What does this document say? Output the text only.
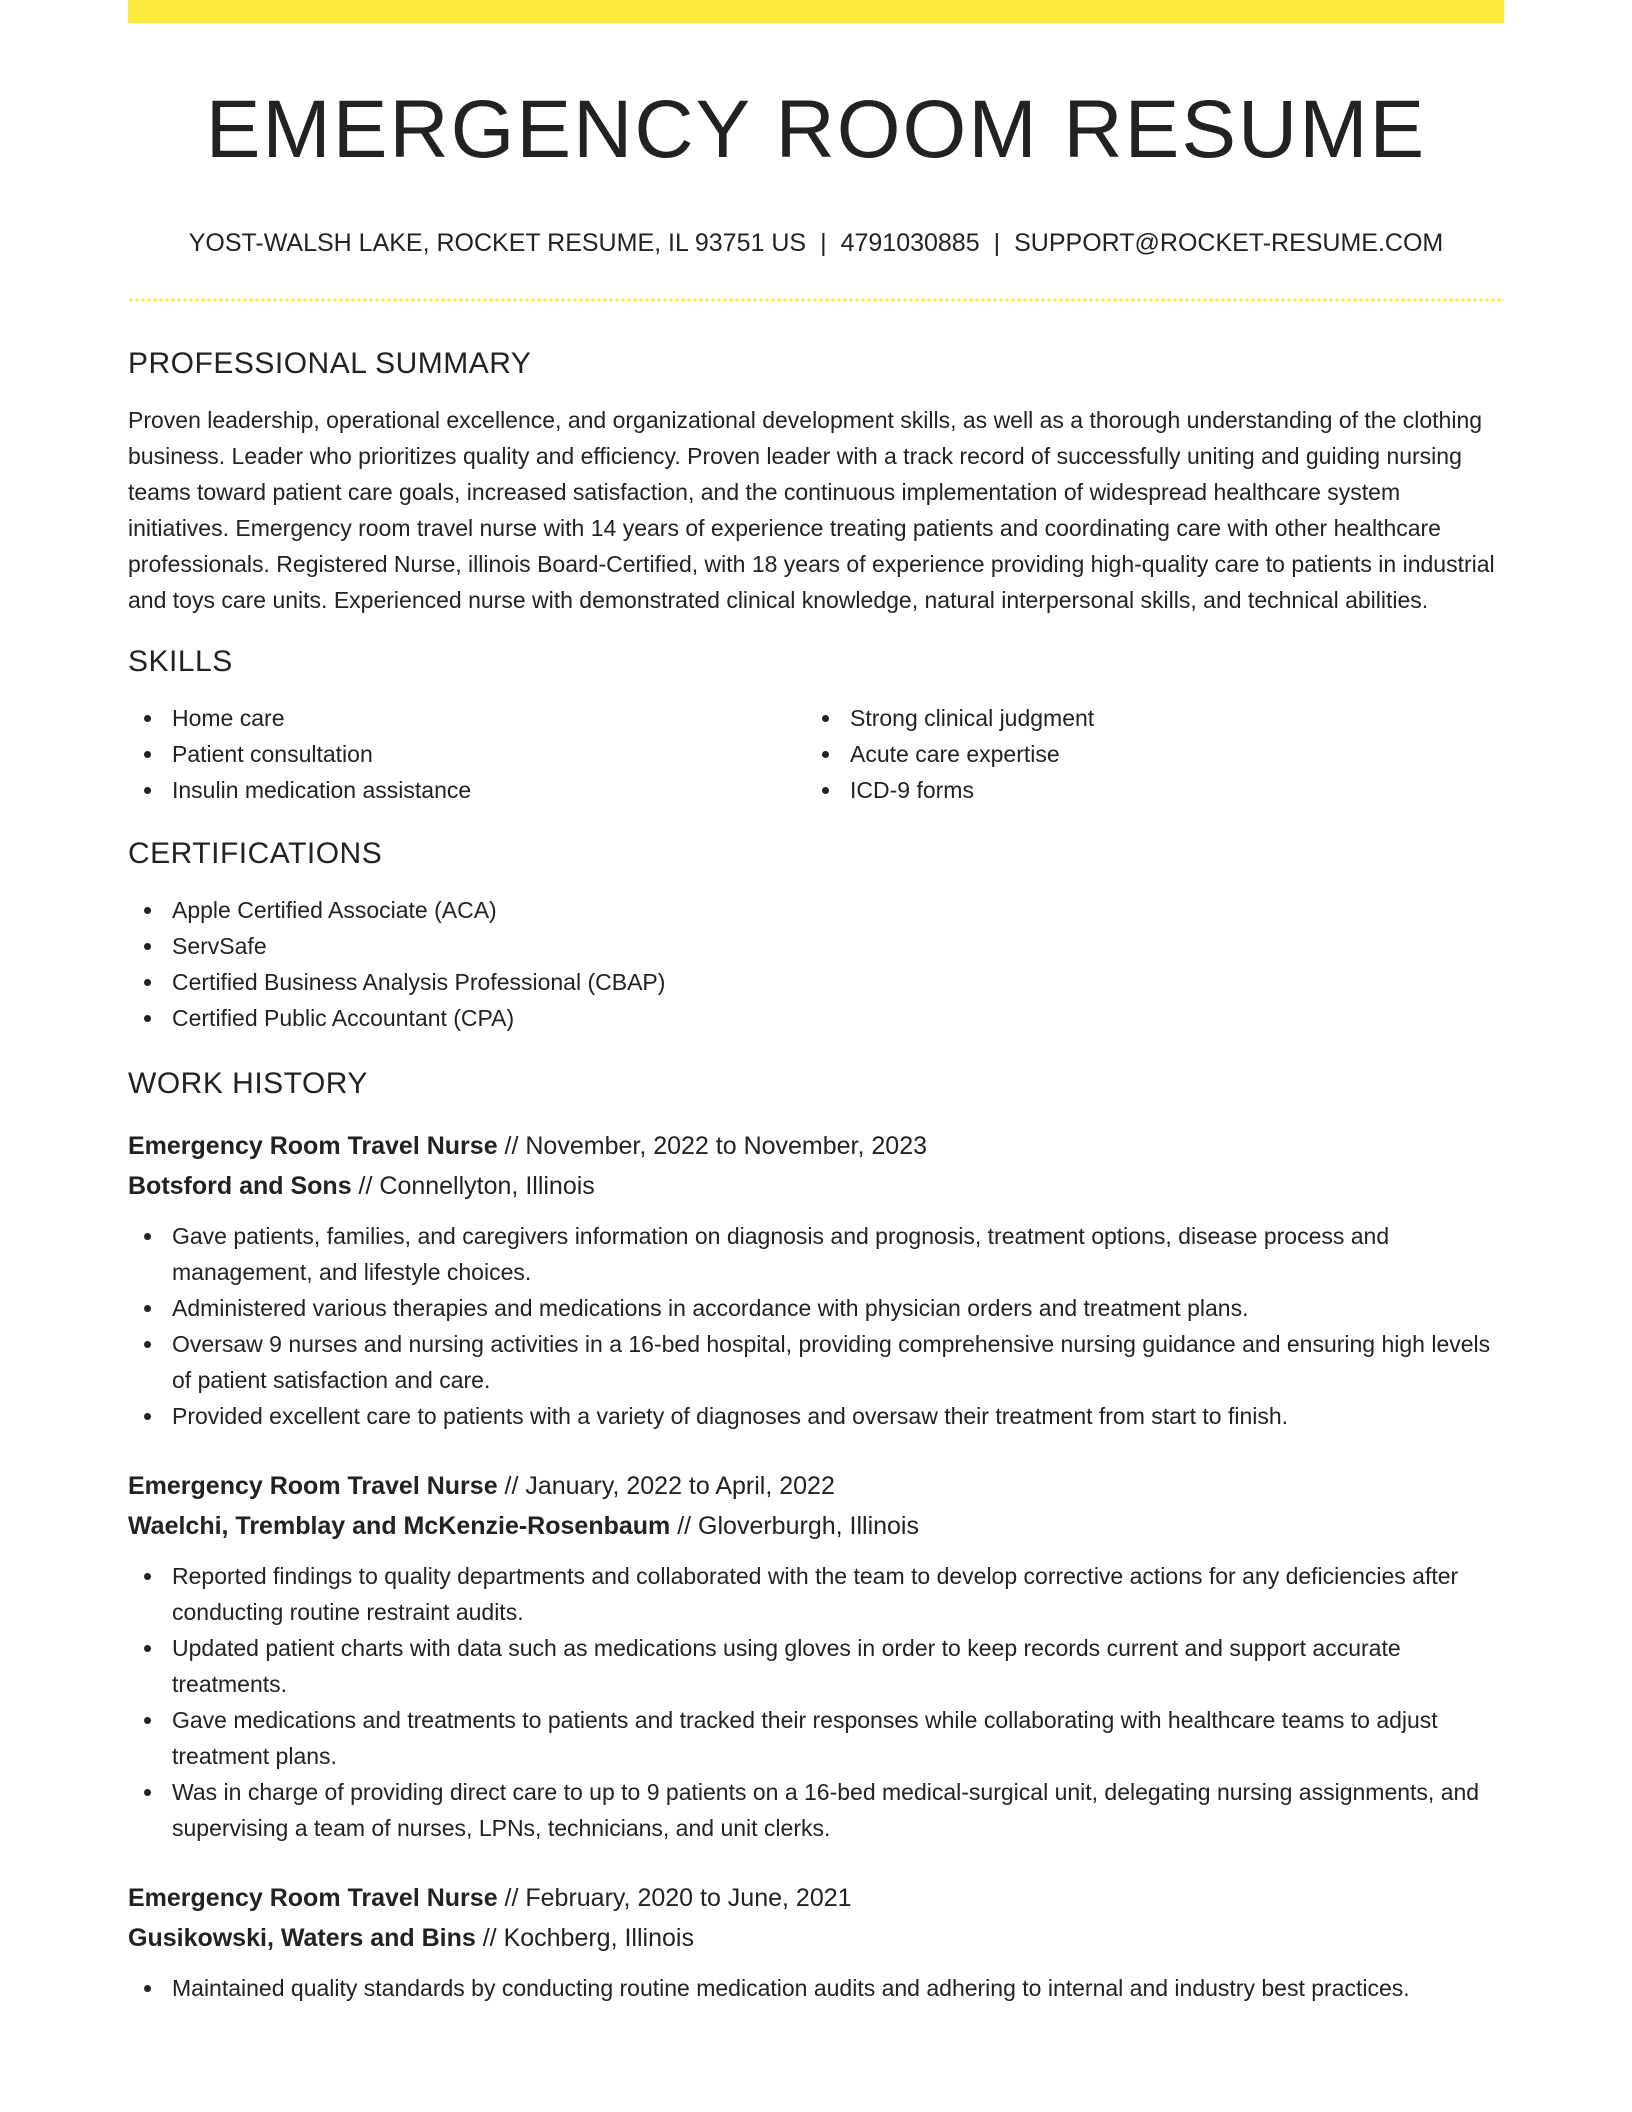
EMERGENCY ROOM RESUME
YOST-WALSH LAKE, ROCKET RESUME, IL 93751 US | 4791030885 | SUPPORT@ROCKET-RESUME.COM
PROFESSIONAL SUMMARY

Proven leadership, operational excellence, and organizational development skills, as well as a thorough understanding of the clothing business. Leader who prioritizes quality and efficiency. Proven leader with a track record of successfully uniting and guiding nursing teams toward patient care goals, increased satisfaction, and the continuous implementation of widespread healthcare system initiatives. Emergency room travel nurse with 14 years of experience treating patients and coordinating care with other healthcare professionals. Registered Nurse, illinois Board-Certified, with 18 years of experience providing high-quality care to patients in industrial and toys care units. Experienced nurse with demonstrated clinical knowledge, natural interpersonal skills, and technical abilities.

SKILLS
Home care
Patient consultation
Insulin medication assistance
Strong clinical judgment
Acute care expertise
ICD-9 forms
CERTIFICATIONS
Apple Certified Associate (ACA)
ServSafe
Certified Business Analysis Professional (CBAP)
Certified Public Accountant (CPA)
WORK HISTORY
Emergency Room Travel Nurse // November, 2022 to November, 2023
Botsford and Sons // Connellyton, Illinois
Gave patients, families, and caregivers information on diagnosis and prognosis, treatment options, disease process and management, and lifestyle choices.
Administered various therapies and medications in accordance with physician orders and treatment plans.
Oversaw 9 nurses and nursing activities in a 16-bed hospital, providing comprehensive nursing guidance and ensuring high levels of patient satisfaction and care.
Provided excellent care to patients with a variety of diagnoses and oversaw their treatment from start to finish.
Emergency Room Travel Nurse // January, 2022 to April, 2022
Waelchi, Tremblay and McKenzie-Rosenbaum // Gloverburgh, Illinois
Reported findings to quality departments and collaborated with the team to develop corrective actions for any deficiencies after conducting routine restraint audits.
Updated patient charts with data such as medications using gloves in order to keep records current and support accurate treatments.
Gave medications and treatments to patients and tracked their responses while collaborating with healthcare teams to adjust treatment plans.
Was in charge of providing direct care to up to 9 patients on a 16-bed medical-surgical unit, delegating nursing assignments, and supervising a team of nurses, LPNs, technicians, and unit clerks.
Emergency Room Travel Nurse // February, 2020 to June, 2021
Gusikowski, Waters and Bins // Kochberg, Illinois
Maintained quality standards by conducting routine medication audits and adhering to internal and industry best practices.
